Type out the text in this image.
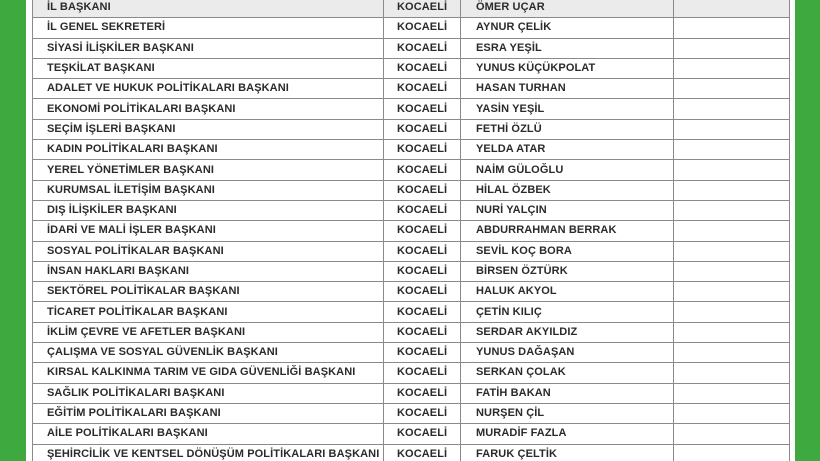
İL BAŞKANI	KOCAELİ	ÖMER UÇAR	
İL GENEL SEKRETERİ	KOCAELİ	AYNUR ÇELİK	
SİYASİ İLİŞKİLER BAŞKANI	KOCAELİ	ESRA YEŞİL	
TEŞKİLAT BAŞKANI	KOCAELİ	YUNUS KÜÇÜKPOLAT	
ADALET VE HUKUK POLİTİKALARI BAŞKANI	KOCAELİ	HASAN TURHAN	
EKONOMİ POLİTİKALARI BAŞKANI	KOCAELİ	YASİN YEŞİL	
SEÇİM İŞLERİ BAŞKANI	KOCAELİ	FETHİ ÖZLÜ	
KADIN POLİTİKALARI BAŞKANI	KOCAELİ	YELDA ATAR	
YEREL YÖNETİMLER BAŞKANI	KOCAELİ	NAİM GÜLOĞLU	
KURUMSAL İLETİŞİM BAŞKANI	KOCAELİ	HİLAL ÖZBEK	
DIŞ İLİŞKİLER BAŞKANI	KOCAELİ	NURİ YALÇIN	
İDARİ VE MALİ İŞLER BAŞKANI	KOCAELİ	ABDURRAHMAN BERRAK	
SOSYAL POLİTİKALAR BAŞKANI	KOCAELİ	SEVİL KOÇ BORA	
İNSAN HAKLARI BAŞKANI	KOCAELİ	BİRSEN ÖZTÜRK	
SEKTÖREL POLİTİKALAR BAŞKANI	KOCAELİ	HALUK AKYOL	
TİCARET POLİTİKALAR BAŞKANI	KOCAELİ	ÇETİN KILIÇ	
İKLİM ÇEVRE VE AFETLER BAŞKANI	KOCAELİ	SERDAR AKYILDIZ	
ÇALIŞMA VE SOSYAL GÜVENLİK BAŞKANI	KOCAELİ	YUNUS DAĞAŞAN	
KIRSAL KALKINMA TARIM VE GIDA GÜVENLİĞİ BAŞKANI	KOCAELİ	SERKAN ÇOLAK	
SAĞLIK POLİTİKALARI BAŞKANI	KOCAELİ	FATİH BAKAN	
EĞİTİM POLİTİKALARI BAŞKANI	KOCAELİ	NURŞEN ÇİL	
AİLE POLİTİKALARI BAŞKANI	KOCAELİ	MURADİF FAZLA	
ŞEHİRCİLİK VE KENTSEL DÖNÜŞÜM POLİTİKALARI BAŞKANI	KOCAELİ	FARUK ÇELTİK	
